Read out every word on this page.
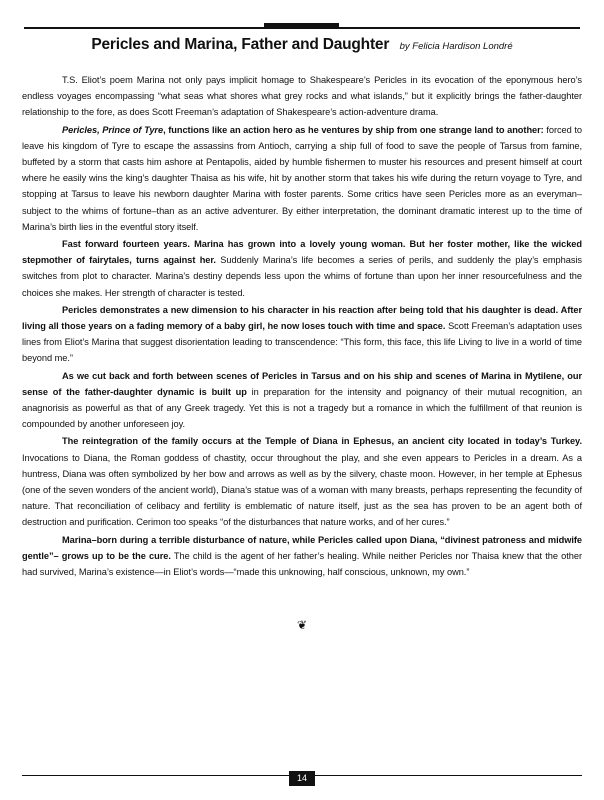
Pericles and Marina, Father and Daughter by Felicia Hardison Londré

T.S. Eliot’s poem Marina not only pays implicit homage to Shakespeare’s Pericles in its evocation of the eponymous hero’s endless voyages encompassing “what seas what shores what grey rocks and what islands,” but it explicitly brings the father-daughter relationship to the fore, as does Scott Freeman’s adaptation of Shakespeare’s action-adventure drama.

Pericles, Prince of Tyre, functions like an action hero as he ventures by ship from one strange land to another: forced to leave his kingdom of Tyre to escape the assassins from Antioch, carrying a ship full of food to save the people of Tarsus from famine, buffeted by a storm that casts him ashore at Pentapolis, aided by humble fishermen to muster his resources and present himself at court where he easily wins the king’s daughter Thaisa as his wife, hit by another storm that takes his wife during the return voyage to Tyre, and stopping at Tarsus to leave his newborn daughter Marina with foster parents. Some critics have seen Pericles more as an everyman–subject to the whims of fortune–than as an active adventurer. By either interpretation, the dominant dramatic interest up to the time of Marina’s birth lies in the eventful story itself.

Fast forward fourteen years. Marina has grown into a lovely young woman. But her foster mother, like the wicked stepmother of fairytales, turns against her. Suddenly Marina’s life becomes a series of perils, and suddenly the play’s emphasis switches from plot to character. Marina’s destiny depends less upon the whims of fortune than upon her inner resourcefulness and the choices she makes. Her strength of character is tested.

Pericles demonstrates a new dimension to his character in his reaction after being told that his daughter is dead. After living all those years on a fading memory of a baby girl, he now loses touch with time and space. Scott Freeman’s adaptation uses lines from Eliot’s Marina that suggest disorientation leading to transcendence: “This form, this face, this life Living to live in a world of time beyond me.”

As we cut back and forth between scenes of Pericles in Tarsus and on his ship and scenes of Marina in Mytilene, our sense of the father-daughter dynamic is built up in preparation for the intensity and poignancy of their mutual recognition, an anagnorisis as powerful as that of any Greek tragedy. Yet this is not a tragedy but a romance in which the fulfillment of that reunion is compounded by another unforeseen joy.

The reintegration of the family occurs at the Temple of Diana in Ephesus, an ancient city located in today’s Turkey. Invocations to Diana, the Roman goddess of chastity, occur throughout the play, and she even appears to Pericles in a dream. As a huntress, Diana was often symbolized by her bow and arrows as well as by the silvery, chaste moon. However, in her temple at Ephesus (one of the seven wonders of the ancient world), Diana’s statue was of a woman with many breasts, perhaps representing the fecundity of nature. That reconciliation of celibacy and fertility is emblematic of nature itself, just as the sea has proven to be an agent both of destruction and purification. Cerimon too speaks “of the disturbances that nature works, and of her cures.”

Marina–born during a terrible disturbance of nature, while Pericles called upon Diana, “divinest patroness and midwife gentle”– grows up to be the cure. The child is the agent of her father’s healing. While neither Pericles nor Thaisa knew that the other had survived, Marina’s existence—in Eliot’s words—“made this unknowing, half conscious, unknown, my own.”

❦
14
